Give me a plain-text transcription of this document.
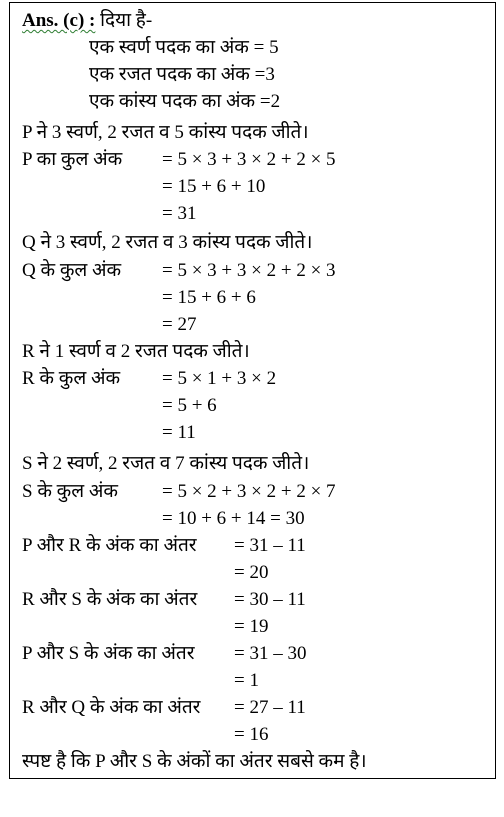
Ans. (c) : दिया है-
एक स्वर्ण पदक का अंक = 5
एक रजत पदक का अंक =3
एक कांस्य पदक का अंक =2
P ने 3 स्वर्ण, 2 रजत व 5 कांस्य पदक जीते।
P का कुल अंक = 5 × 3 + 3 × 2 + 2 × 5
= 15 + 6 + 10
= 31
Q ने 3 स्वर्ण, 2 रजत व 3 कांस्य पदक जीते।
Q के कुल अंक = 5 × 3 + 3 × 2 + 2 × 3
= 15 + 6 + 6
= 27
R ने 1 स्वर्ण व 2 रजत पदक जीते।
R के कुल अंक = 5 × 1 + 3 × 2
= 5 + 6
= 11
S ने 2 स्वर्ण, 2 रजत व 7 कांस्य पदक जीते।
S के कुल अंक = 5 × 2 + 3 × 2 + 2 × 7
= 10 + 6 + 14 = 30
P और R के अंक का अंतर = 31 – 11
= 20
R और S के अंक का अंतर = 30 – 11
= 19
P और S के अंक का अंतर = 31 – 30
= 1
R और Q के अंक का अंतर = 27 – 11
= 16
स्पष्ट है कि P और S के अंकों का अंतर सबसे कम है।
